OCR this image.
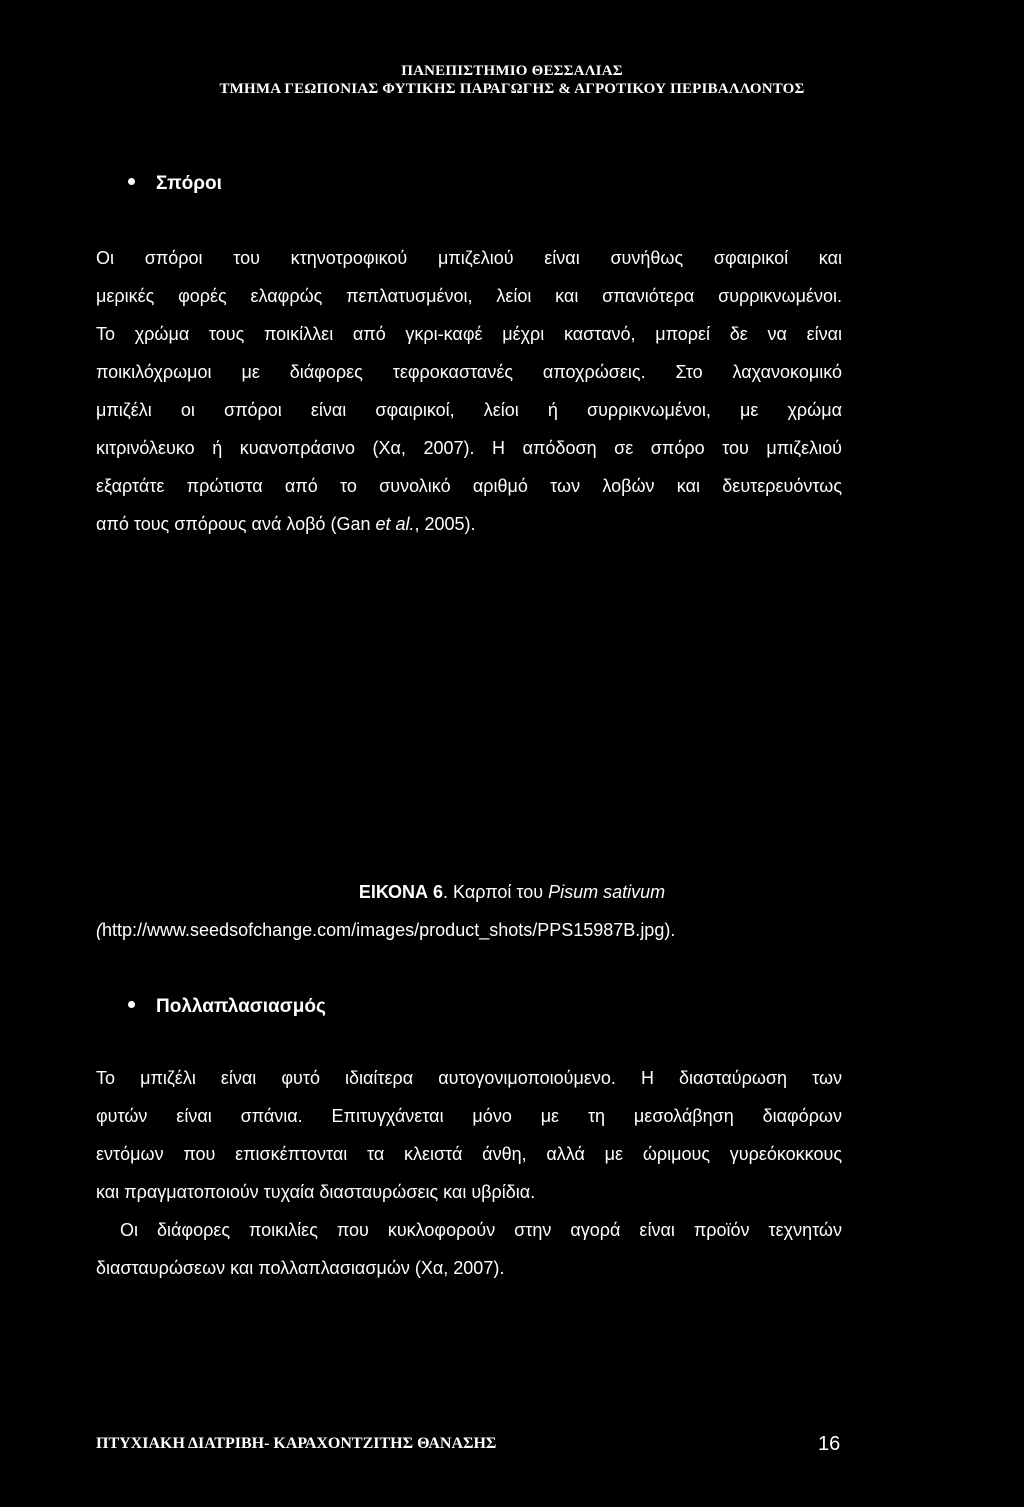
ΠΑΝΕΠΙΣΤΗΜΙΟ ΘΕΣΣΑΛΙΑΣ
ΤΜΗΜΑ ΓΕΩΠΟΝΙΑΣ ΦΥΤΙΚΗΣ ΠΑΡΑΓΩΓΗΣ & ΑΓΡΟΤΙΚΟΥ ΠΕΡΙΒΑΛΛΟΝΤΟΣ
Σπόροι
Οι σπόροι του κτηνοτροφικού μπιζελιού είναι συνήθως σφαιρικοί και
μερικές φορές ελαφρώς πεπλατυσμένοι, λείοι και σπανιότερα συρρικνωμένοι.
Το χρώμα τους ποικίλλει από γκρι-καφέ μέχρι καστανό, μπορεί δε να είναι
ποικιλόχρωμοι με διάφορες τεφροκαστανές αποχρώσεις. Στο λαχανοκομικό
μπιζέλι οι σπόροι είναι σφαιρικοί, λείοι ή συρρικνωμένοι, με χρώμα
κιτρινόλευκο ή κυανοπράσινο (Χα, 2007). Η απόδοση σε σπόρο του μπιζελιού
εξαρτάτε πρώτιστα από το συνολικό αριθμό των λοβών και δευτερευόντως
από τους σπόρους ανά λοβό (Gan et al., 2005).
ΕΙΚΟΝΑ 6. Καρποί του Pisum sativum
(http://www.seedsofchange.com/images/product_shots/PPS15987B.jpg).
Πολλαπλασιασμός
Το μπιζέλι είναι φυτό ιδιαίτερα αυτογονιμοποιούμενο. Η διασταύρωση των
φυτών είναι σπάνια. Επιτυγχάνεται μόνο με τη μεσολάβηση διαφόρων
εντόμων που επισκέπτονται τα κλειστά άνθη, αλλά με ώριμους γυρεόκοκκους
και πραγματοποιούν τυχαία διασταυρώσεις και υβρίδια.
Οι διάφορες ποικιλίες που κυκλοφορούν στην αγορά είναι προϊόν τεχνητών
διασταυρώσεων και πολλαπλασιασμών (Χα, 2007).
ΠΤΥΧΙΑΚΗ ΔΙΑΤΡΙΒΗ- ΚΑΡΑΧΟΝΤΖΙΤΗΣ ΘΑΝΑΣΗΣ	16
